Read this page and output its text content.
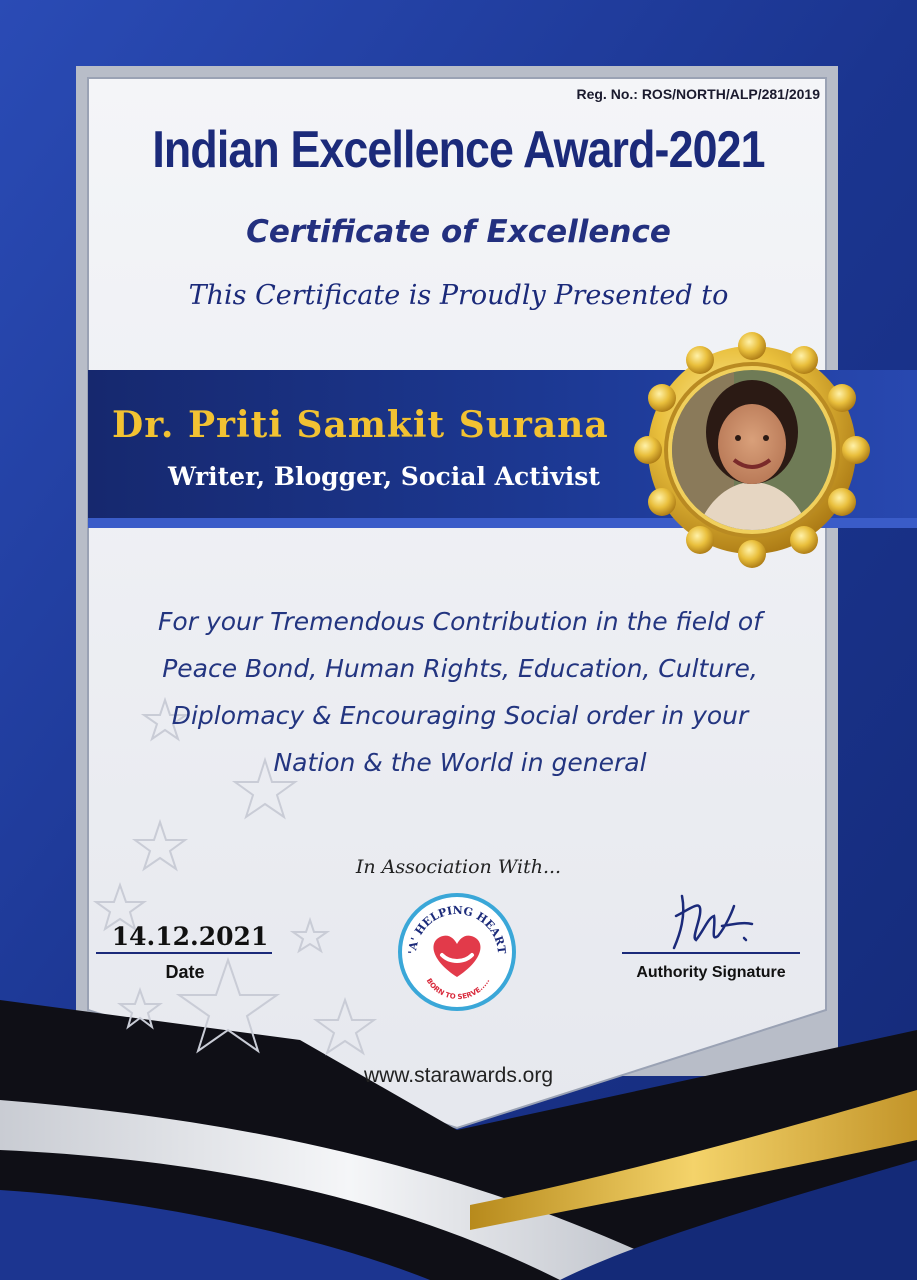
Reg. No.: ROS/NORTH/ALP/281/2019
Indian Excellence Award-2021
Certificate of Excellence
This Certificate is Proudly Presented to
Dr. Priti Samkit Surana
Writer, Blogger, Social Activist
For your Tremendous Contribution in the field of
Peace Bond, Human Rights, Education, Culture,
Diplomacy & Encouraging Social order in your
Nation & the World in general
In Association With...
'A' HELPING HEART
BORN TO SERVE.....
14.12.2021
Date	Authority Signature
www.starawards.org
